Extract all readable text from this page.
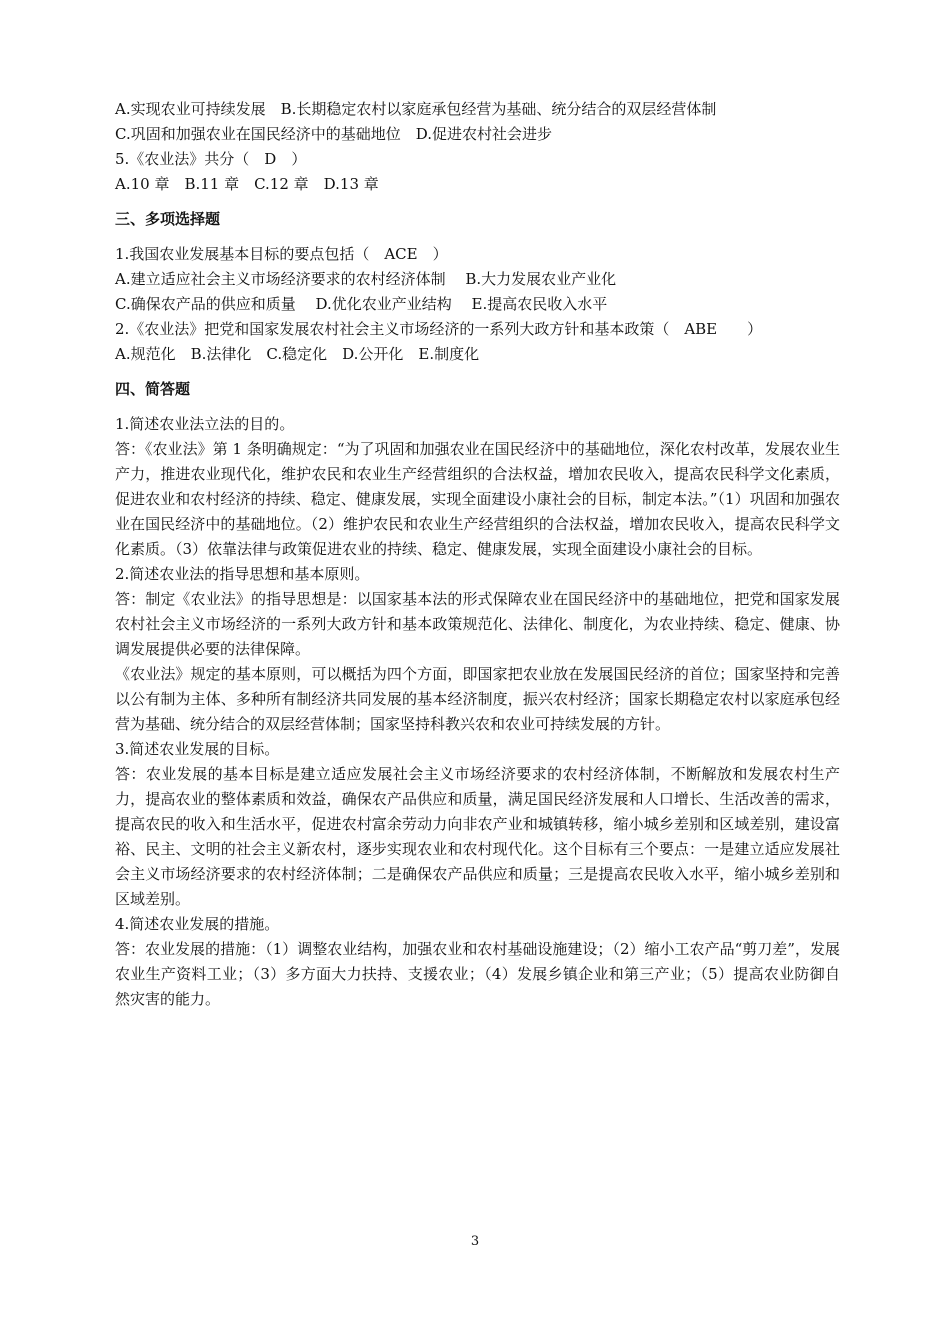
A.实现农业可持续发展　B.长期稳定农村以家庭承包经营为基础、统分结合的双层经营体制
C.巩固和加强农业在国民经济中的基础地位　D.促进农村社会进步
5.《农业法》共分（　D　）
A.10 章　B.11 章　C.12 章　D.13 章
三、多项选择题
1.我国农业发展基本目标的要点包括（　ACE　）
A.建立适应社会主义市场经济要求的农村经济体制　 B.大力发展农业产业化
C.确保农产品的供应和质量　 D.优化农业产业结构　 E.提高农民收入水平
2.《农业法》把党和国家发展农村社会主义市场经济的一系列大政方针和基本政策（　ABE　　）
A.规范化　B.法律化　C.稳定化　D.公开化　E.制度化
四、简答题
1.简述农业法立法的目的。
答：《农业法》第 1 条明确规定：“为了巩固和加强农业在国民经济中的基础地位，深化农村改革，发展农业生产力，推进农业现代化，维护农民和农业生产经营组织的合法权益，增加农民收入，提高农民科学文化素质，促进农业和农村经济的持续、稳定、健康发展，实现全面建设小康社会的目标，制定本法。”（1）巩固和加强农业在国民经济中的基础地位。（2）维护农民和农业生产经营组织的合法权益，增加农民收入，提高农民科学文化素质。（3）依靠法律与政策促进农业的持续、稳定、健康发展，实现全面建设小康社会的目标。
2.简述农业法的指导思想和基本原则。
答：制定《农业法》的指导思想是：以国家基本法的形式保障农业在国民经济中的基础地位，把党和国家发展农村社会主义市场经济的一系列大政方针和基本政策规范化、法律化、制度化，为农业持续、稳定、健康、协调发展提供必要的法律保障。
《农业法》规定的基本原则，可以概括为四个方面，即国家把农业放在发展国民经济的首位；国家坚持和完善以公有制为主体、多种所有制经济共同发展的基本经济制度，振兴农村经济；国家长期稳定农村以家庭承包经营为基础、统分结合的双层经营体制；国家坚持科教兴农和农业可持续发展的方针。
3.简述农业发展的目标。
答：农业发展的基本目标是建立适应发展社会主义市场经济要求的农村经济体制，不断解放和发展农村生产力，提高农业的整体素质和效益，确保农产品供应和质量，满足国民经济发展和人口增长、生活改善的需求，提高农民的收入和生活水平，促进农村富余劳动力向非农产业和城镇转移，缩小城乡差别和区域差别，建设富裕、民主、文明的社会主义新农村，逐步实现农业和农村现代化。这个目标有三个要点：一是建立适应发展社会主义市场经济要求的农村经济体制；二是确保农产品供应和质量；三是提高农民收入水平，缩小城乡差别和区域差别。
4.简述农业发展的措施。
答：农业发展的措施：（1）调整农业结构，加强农业和农村基础设施建设；（2）缩小工农产品“剪刀差”，发展农业生产资料工业；（3）多方面大力扶持、支援农业；（4）发展乡镇企业和第三产业；（5）提高农业防御自然灾害的能力。
3
